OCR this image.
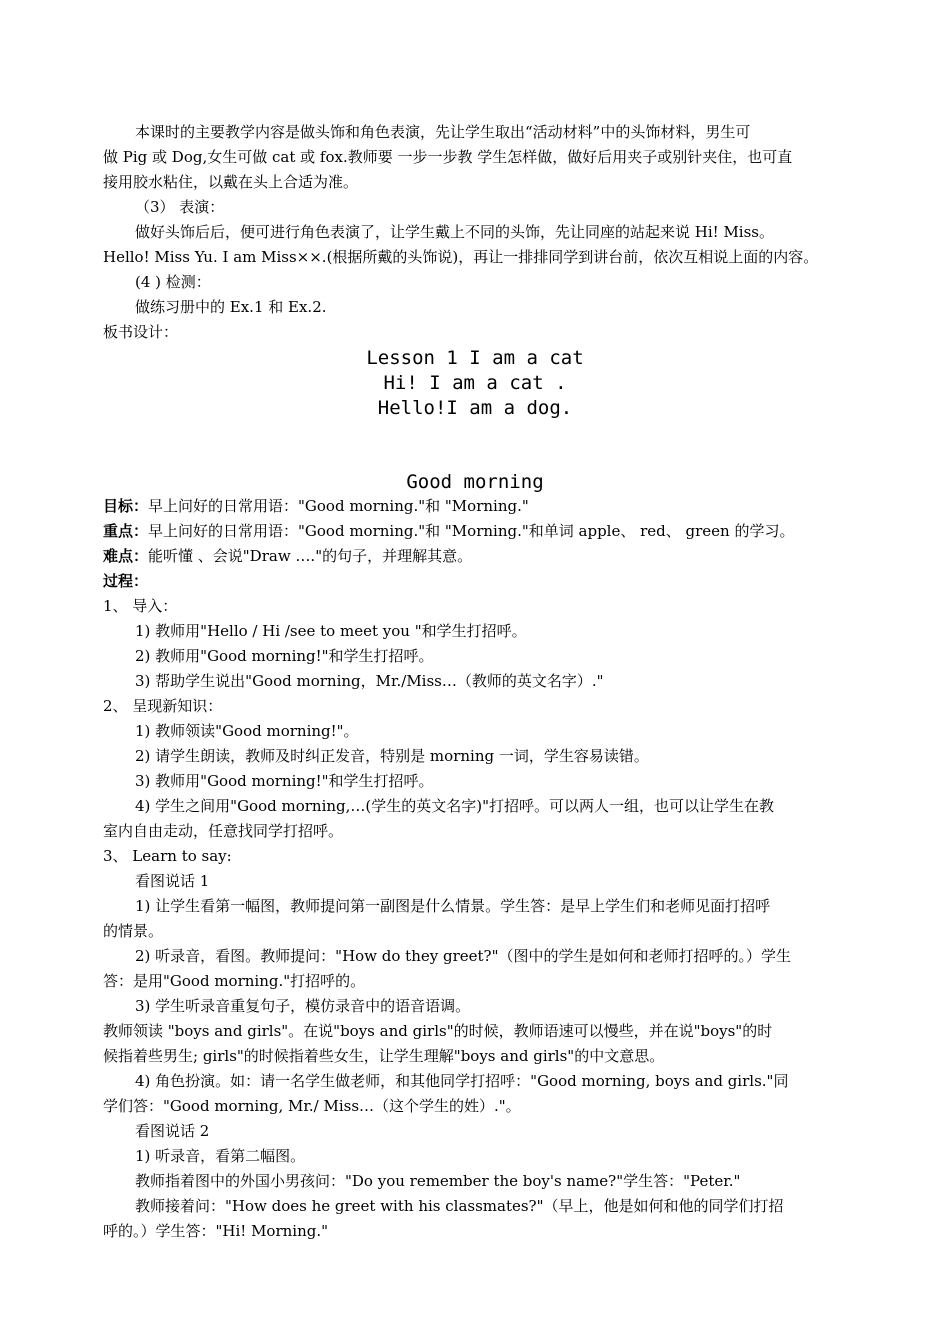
本课时的主要教学内容是做头饰和角色表演，先让学生取出“活动材料”中的头饰材料，男生可
做 Pig 或 Dog,女生可做 cat 或 fox.教师要 一步一步教 学生怎样做，做好后用夹子或别针夹住，也可直
接用胶水粘住，以戴在头上合适为准。
（3） 表演：
做好头饰后后，便可进行角色表演了，让学生戴上不同的头饰，先让同座的站起来说 Hi! Miss。
Hello! Miss Yu. I am Miss××.(根据所戴的头饰说)，再让一排排同学到讲台前，依次互相说上面的内容。
(4 ) 检测：
做练习册中的 Ex.1 和 Ex.2.
板书设计：
Lesson 1 I am a cat
Hi! I am a cat .
Hello!I am a dog.
Good morning
目标：早上问好的日常用语："Good morning."和 "Morning."
重点：早上问好的日常用语："Good morning."和 "Morning."和单词 apple、 red、 green 的学习。
难点：能听懂 、会说"Draw …."的句子，并理解其意。
过程：
1、 导入：
1) 教师用"Hello / Hi /see to meet you "和学生打招呼。
2) 教师用"Good morning!"和学生打招呼。
3) 帮助学生说出"Good morning，Mr./Miss…（教师的英文名字）."
2、 呈现新知识：
1) 教师领读"Good morning!"。
2) 请学生朗读，教师及时纠正发音，特别是 morning 一词，学生容易读错。
3) 教师用"Good morning!"和学生打招呼。
4) 学生之间用"Good morning,…(学生的英文名字)"打招呼。可以两人一组，也可以让学生在教
室内自由走动，任意找同学打招呼。
3、 Learn to say:
看图说话 1
1) 让学生看第一幅图，教师提问第一副图是什么情景。学生答：是早上学生们和老师见面打招呼
的情景。
2) 听录音，看图。教师提问："How do they greet?"（图中的学生是如何和老师打招呼的。）学生
答：是用"Good morning."打招呼的。
3) 学生听录音重复句子，模仿录音中的语音语调。
教师领读 "boys and girls"。在说"boys and girls"的时候，教师语速可以慢些，并在说"boys"的时
候指着些男生; girls"的时候指着些女生，让学生理解"boys and girls"的中文意思。
4) 角色扮演。如：请一名学生做老师，和其他同学打招呼："Good morning, boys and girls."同
学们答："Good morning, Mr./ Miss…（这个学生的姓）."。
看图说话 2
1) 听录音，看第二幅图。
教师指着图中的外国小男孩问："Do you remember the boy's name?"学生答："Peter."
教师接着问："How does he greet with his classmates?"（早上，他是如何和他的同学们打招
呼的。）学生答："Hi! Morning."
